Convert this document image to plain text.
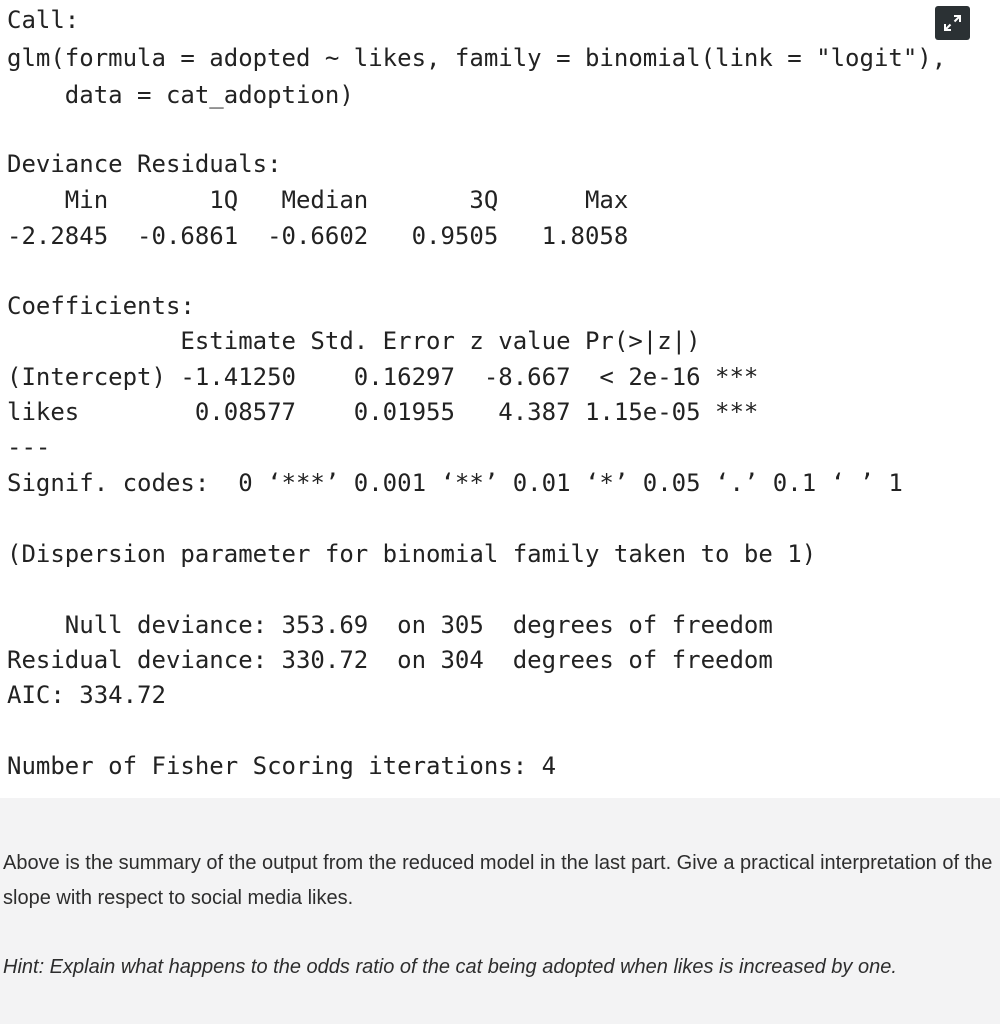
Call:
glm(formula = adopted ~ likes, family = binomial(link = "logit"),
data = cat_adoption)
Deviance Residuals:
Min       1Q   Median       3Q      Max
-2.2845  -0.6861  -0.6602   0.9505   1.8058
Coefficients:
Estimate Std. Error z value Pr(>|z|)
(Intercept) -1.41250    0.16297  -8.667  < 2e-16 ***
likes        0.08577    0.01955   4.387 1.15e-05 ***
---
Signif. codes:  0 ‘***’ 0.001 ‘**’ 0.01 ‘*’ 0.05 ‘.’ 0.1 ‘ ’ 1
(Dispersion parameter for binomial family taken to be 1)
Null deviance: 353.69  on 305  degrees of freedom
Residual deviance: 330.72  on 304  degrees of freedom
AIC: 334.72
Number of Fisher Scoring iterations: 4

Above is the summary of the output from the reduced model in the last part. Give a practical interpretation of the slope with respect to social media likes.

Hint: Explain what happens to the odds ratio of the cat being adopted when likes is increased by one.
